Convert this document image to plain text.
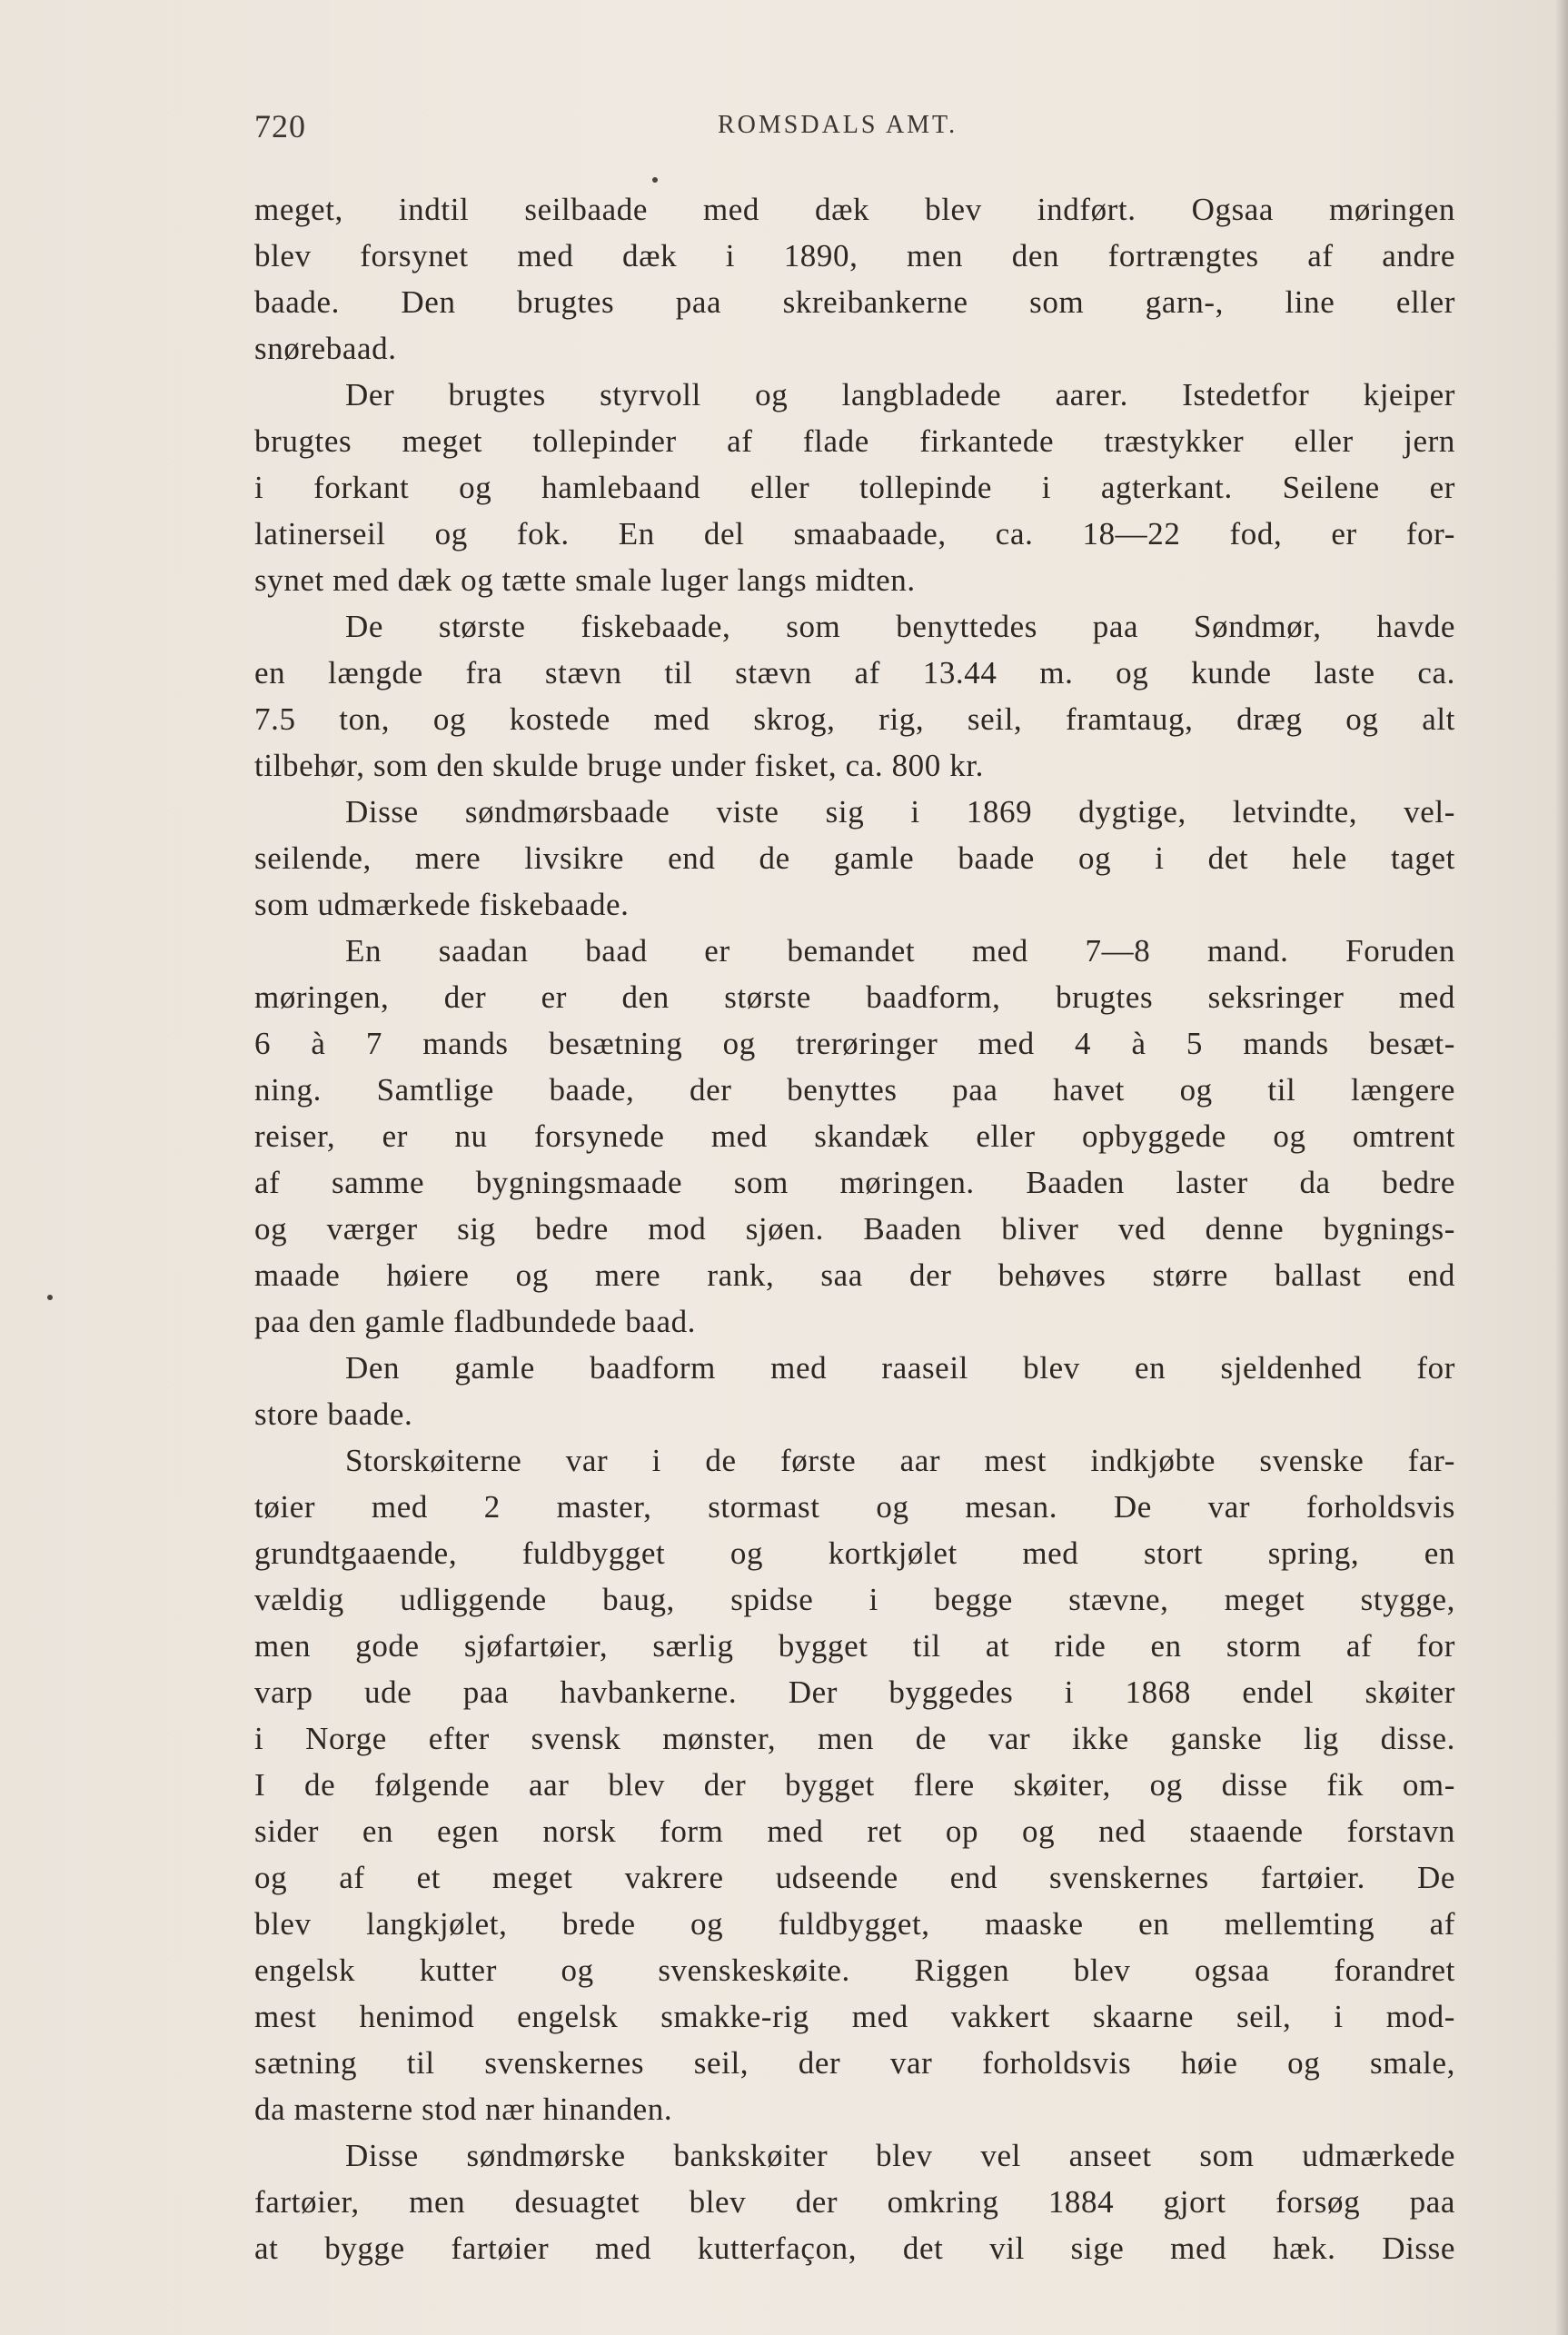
720	ROMSDALS AMT.
meget, indtil seilbaade med dæk blev indført. Ogsaa møringen
blev forsynet med dæk i 1890, men den fortrængtes af andre
baade. Den brugtes paa skreibankerne som garn-, line eller
snørebaad.
Der brugtes styrvoll og langbladede aarer. Istedetfor kjeiper
brugtes meget tollepinder af flade firkantede træstykker eller jern
i forkant og hamlebaand eller tollepinde i agterkant. Seilene er
latinerseil og fok. En del smaabaade, ca. 18—22 fod, er for-
synet med dæk og tætte smale luger langs midten.
De største fiskebaade, som benyttedes paa Søndmør, havde
en længde fra stævn til stævn af 13.44 m. og kunde laste ca.
7.5 ton, og kostede med skrog, rig, seil, framtaug, dræg og alt
tilbehør, som den skulde bruge under fisket, ca. 800 kr.
Disse søndmørsbaade viste sig i 1869 dygtige, letvindte, vel-
seilende, mere livsikre end de gamle baade og i det hele taget
som udmærkede fiskebaade.
En saadan baad er bemandet med 7—8 mand. Foruden
møringen, der er den største baadform, brugtes seksringer med
6 à 7 mands besætning og trerøringer med 4 à 5 mands besæt-
ning. Samtlige baade, der benyttes paa havet og til længere
reiser, er nu forsynede med skandæk eller opbyggede og omtrent
af samme bygningsmaade som møringen. Baaden laster da bedre
og værger sig bedre mod sjøen. Baaden bliver ved denne bygnings-
maade høiere og mere rank, saa der behøves større ballast end
paa den gamle fladbundede baad.
Den gamle baadform med raaseil blev en sjeldenhed for
store baade.
Storskøiterne var i de første aar mest indkjøbte svenske far-
tøier med 2 master, stormast og mesan. De var forholdsvis
grundtgaaende, fuldbygget og kortkjølet med stort spring, en
vældig udliggende baug, spidse i begge stævne, meget stygge,
men gode sjøfartøier, særlig bygget til at ride en storm af for
varp ude paa havbankerne. Der byggedes i 1868 endel skøiter
i Norge efter svensk mønster, men de var ikke ganske lig disse.
I de følgende aar blev der bygget flere skøiter, og disse fik om-
sider en egen norsk form med ret op og ned staaende forstavn
og af et meget vakrere udseende end svenskernes fartøier. De
blev langkjølet, brede og fuldbygget, maaske en mellemting af
engelsk kutter og svenskeskøite. Riggen blev ogsaa forandret
mest henimod engelsk smakke-rig med vakkert skaarne seil, i mod-
sætning til svenskernes seil, der var forholdsvis høie og smale,
da masterne stod nær hinanden.
Disse søndmørske bankskøiter blev vel anseet som udmærkede
fartøier, men desuagtet blev der omkring 1884 gjort forsøg paa
at bygge fartøier med kutterfaçon, det vil sige med hæk. Disse
